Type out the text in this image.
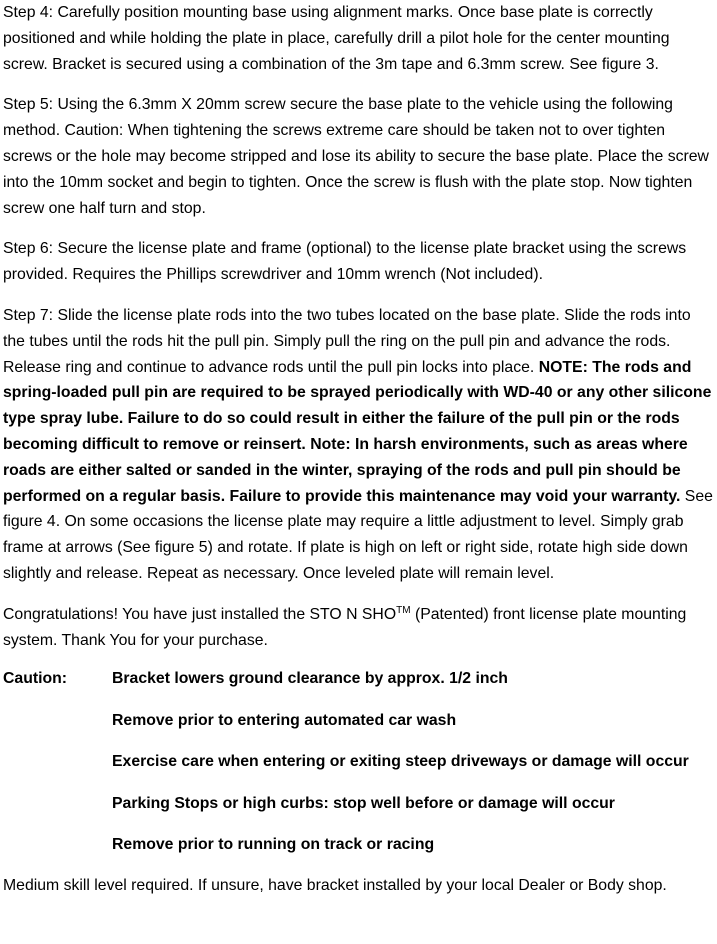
Step 4: Carefully position mounting base using alignment marks. Once base plate is correctly positioned and while holding the plate in place, carefully drill a pilot hole for the center mounting screw. Bracket is secured using a combination of the 3m tape and 6.3mm screw. See figure 3.

Step 5: Using the 6.3mm X 20mm screw secure the base plate to the vehicle using the following method. Caution: When tightening the screws extreme care should be taken not to over tighten screws or the hole may become stripped and lose its ability to secure the base plate. Place the screw into the 10mm socket and begin to tighten. Once the screw is flush with the plate stop. Now tighten screw one half turn and stop.

Step 6: Secure the license plate and frame (optional) to the license plate bracket using the screws provided. Requires the Phillips screwdriver and 10mm wrench (Not included).

Step 7: Slide the license plate rods into the two tubes located on the base plate. Slide the rods into the tubes until the rods hit the pull pin. Simply pull the ring on the pull pin and advance the rods. Release ring and continue to advance rods until the pull pin locks into place. NOTE: The rods and spring-loaded pull pin are required to be sprayed periodically with WD-40 or any other silicone type spray lube. Failure to do so could result in either the failure of the pull pin or the rods becoming difficult to remove or reinsert. Note: In harsh environments, such as areas where roads are either salted or sanded in the winter, spraying of the rods and pull pin should be performed on a regular basis. Failure to provide this maintenance may void your warranty. See figure 4. On some occasions the license plate may require a little adjustment to level. Simply grab frame at arrows (See figure 5) and rotate. If plate is high on left or right side, rotate high side down slightly and release. Repeat as necessary. Once leveled plate will remain level.

Congratulations! You have just installed the STO N SHO™ (Patented) front license plate mounting system. Thank You for your purchase.

Caution:	Bracket lowers ground clearance by approx. 1/2 inch
Remove prior to entering automated car wash
Exercise care when entering or exiting steep driveways or damage will occur
Parking Stops or high curbs: stop well before or damage will occur
Remove prior to running on track or racing

Medium skill level required. If unsure, have bracket installed by your local Dealer or Body shop.
